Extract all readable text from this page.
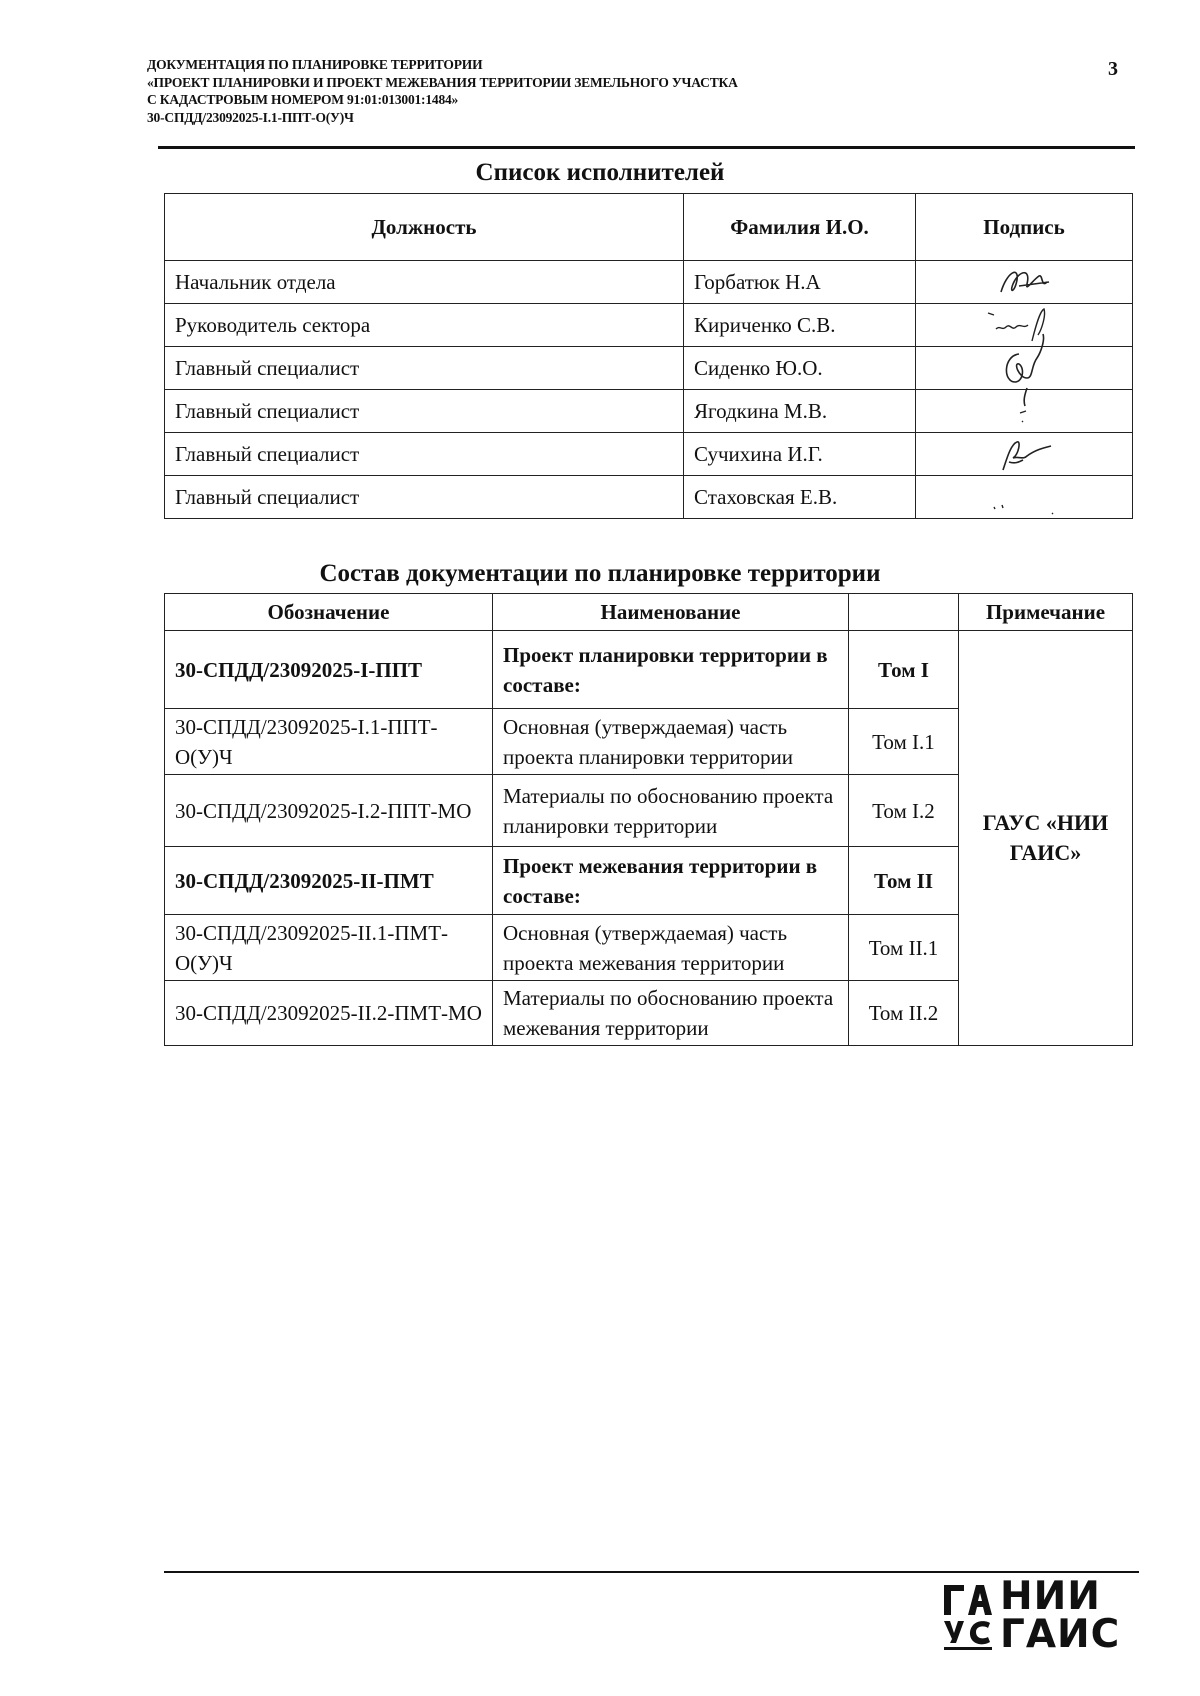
ДОКУМЕНТАЦИЯ ПО ПЛАНИРОВКЕ ТЕРРИТОРИИ
«ПРОЕКТ ПЛАНИРОВКИ И ПРОЕКТ МЕЖЕВАНИЯ ТЕРРИТОРИИ ЗЕМЕЛЬНОГО УЧАСТКА
С КАДАСТРОВЫМ НОМЕРОМ 91:01:013001:1484»
30-СПДД/23092025-I.1-ППТ-О(У)Ч
3
Список исполнителей
Должность	Фамилия И.О.	Подпись
Начальник отдела	Горбатюк Н.А	

Руководитель сектора	Кириченко С.В.	

Главный специалист	Сиденко Ю.О.	

Главный специалист	Ягодкина М.В.	

Главный специалист	Сучихина И.Г.	

Главный специалист	Стаховская Е.В.	
Состав документации по планировке территории
Обозначение	Наименование		Примечание
30-СПДД/23092025-I-ППТ	Проект планировки территории в составе:	Том I	ГАУС «НИИ ГАИС»
30-СПДД/23092025-I.1-ППТ-О(У)Ч	Основная (утверждаемая) часть проекта планировки территории	Том I.1	
30-СПДД/23092025-I.2-ППТ-МО	Материалы по обоснованию проекта планировки территории	Том I.2	
30-СПДД/23092025-II-ПМТ	Проект межевания территории в составе:	Том II	
30-СПДД/23092025-II.1-ПМТ-О(У)Ч	Основная (утверждаемая) часть проекта межевания территории	Том II.1	
30-СПДД/23092025-II.2-ПМТ-МО	Материалы по обоснованию проекта межевания территории	Том II.2	
НИИ
ГАИС
